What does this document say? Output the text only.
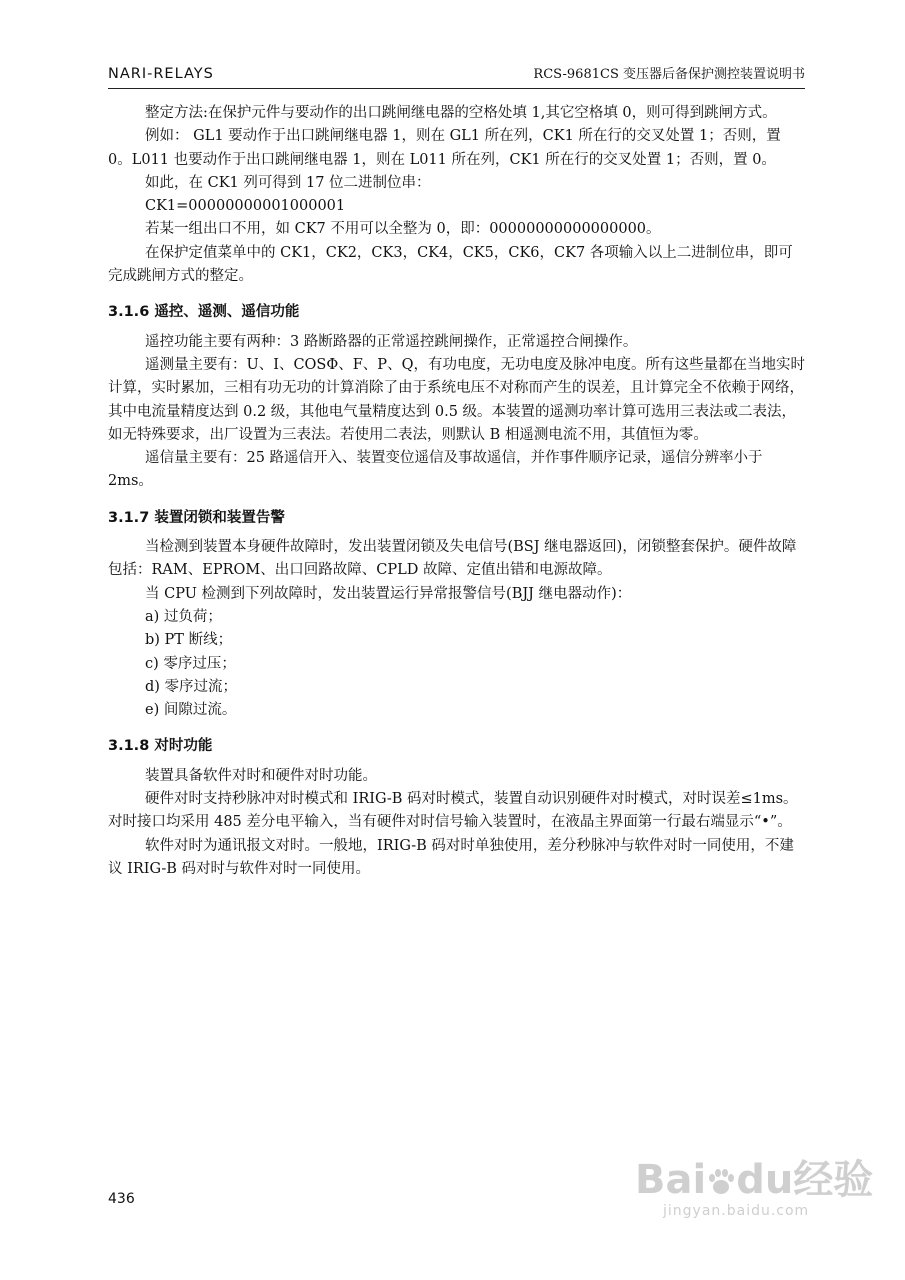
NARI-RELAYS	RCS-9681CS 变压器后备保护测控装置说明书

整定方法:在保护元件与要动作的出口跳闸继电器的空格处填 1,其它空格填 0，则可得到跳闸方式。

例如： GL1 要动作于出口跳闸继电器 1，则在 GL1 所在列，CK1 所在行的交叉处置 1；否则，置 0。L011 也要动作于出口跳闸继电器 1，则在 L011 所在列，CK1 所在行的交叉处置 1；否则，置 0。

如此，在 CK1 列可得到 17 位二进制位串：

CK1=00000000001000001

若某一组出口不用，如 CK7 不用可以全整为 0，即：00000000000000000。

在保护定值菜单中的 CK1，CK2，CK3，CK4，CK5，CK6，CK7 各项输入以上二进制位串，即可完成跳闸方式的整定。

3.1.6 遥控、遥测、遥信功能

遥控功能主要有两种：3 路断路器的正常遥控跳闸操作，正常遥控合闸操作。

遥测量主要有：U、I、COSΦ、F、P、Q，有功电度，无功电度及脉冲电度。所有这些量都在当地实时计算，实时累加，三相有功无功的计算消除了由于系统电压不对称而产生的误差，且计算完全不依赖于网络，其中电流量精度达到 0.2 级，其他电气量精度达到 0.5 级。本装置的遥测功率计算可选用三表法或二表法，如无特殊要求，出厂设置为三表法。若使用二表法，则默认 B 相遥测电流不用，其值恒为零。

遥信量主要有：25 路遥信开入、装置变位遥信及事故遥信，并作事件顺序记录，遥信分辨率小于 2ms。

3.1.7 装置闭锁和装置告警

当检测到装置本身硬件故障时，发出装置闭锁及失电信号(BSJ 继电器返回)，闭锁整套保护。硬件故障包括：RAM、EPROM、出口回路故障、CPLD 故障、定值出错和电源故障。

当 CPU 检测到下列故障时，发出装置运行异常报警信号(BJJ 继电器动作)：

a) 过负荷；

b) PT 断线；

c) 零序过压；

d) 零序过流；

e) 间隙过流。

3.1.8 对时功能

装置具备软件对时和硬件对时功能。

硬件对时支持秒脉冲对时模式和 IRIG-B 码对时模式，装置自动识别硬件对时模式，对时误差≤1ms。对时接口均采用 485 差分电平输入，当有硬件对时信号输入装置时，在液晶主界面第一行最右端显示“•”。

软件对时为通讯报文对时。一般地，IRIG-B 码对时单独使用，差分秒脉冲与软件对时一同使用，不建议 IRIG-B 码对时与软件对时一同使用。

436	Bai du经验
jingyan.baidu.com
